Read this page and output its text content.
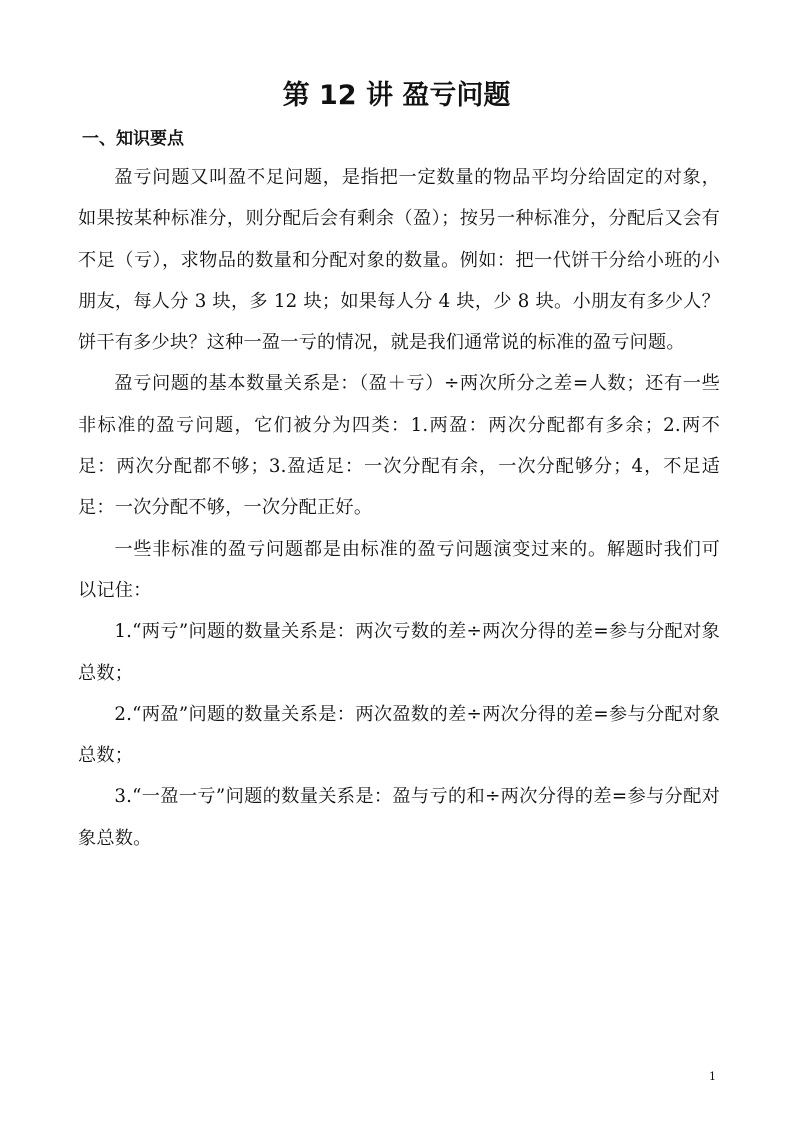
第 12 讲 盈亏问题
一、知识要点

盈亏问题又叫盈不足问题，是指把一定数量的物品平均分给固定的对象，如果按某种标准分，则分配后会有剩余（盈）；按另一种标准分，分配后又会有不足（亏），求物品的数量和分配对象的数量。例如：把一代饼干分给小班的小朋友，每人分 3 块，多 12 块；如果每人分 4 块，少 8 块。小朋友有多少人？饼干有多少块？这种一盈一亏的情况，就是我们通常说的标准的盈亏问题。

盈亏问题的基本数量关系是：（盈＋亏）÷两次所分之差=人数；还有一些非标准的盈亏问题，它们被分为四类：1.两盈：两次分配都有多余；2.两不足：两次分配都不够；3.盈适足：一次分配有余，一次分配够分；4，不足适足：一次分配不够，一次分配正好。

一些非标准的盈亏问题都是由标准的盈亏问题演变过来的。解题时我们可以记住：

1.“两亏”问题的数量关系是：两次亏数的差÷两次分得的差=参与分配对象总数；

2.“两盈”问题的数量关系是：两次盈数的差÷两次分得的差=参与分配对象总数；

3.“一盈一亏”问题的数量关系是：盈与亏的和÷两次分得的差=参与分配对象总数。

1
